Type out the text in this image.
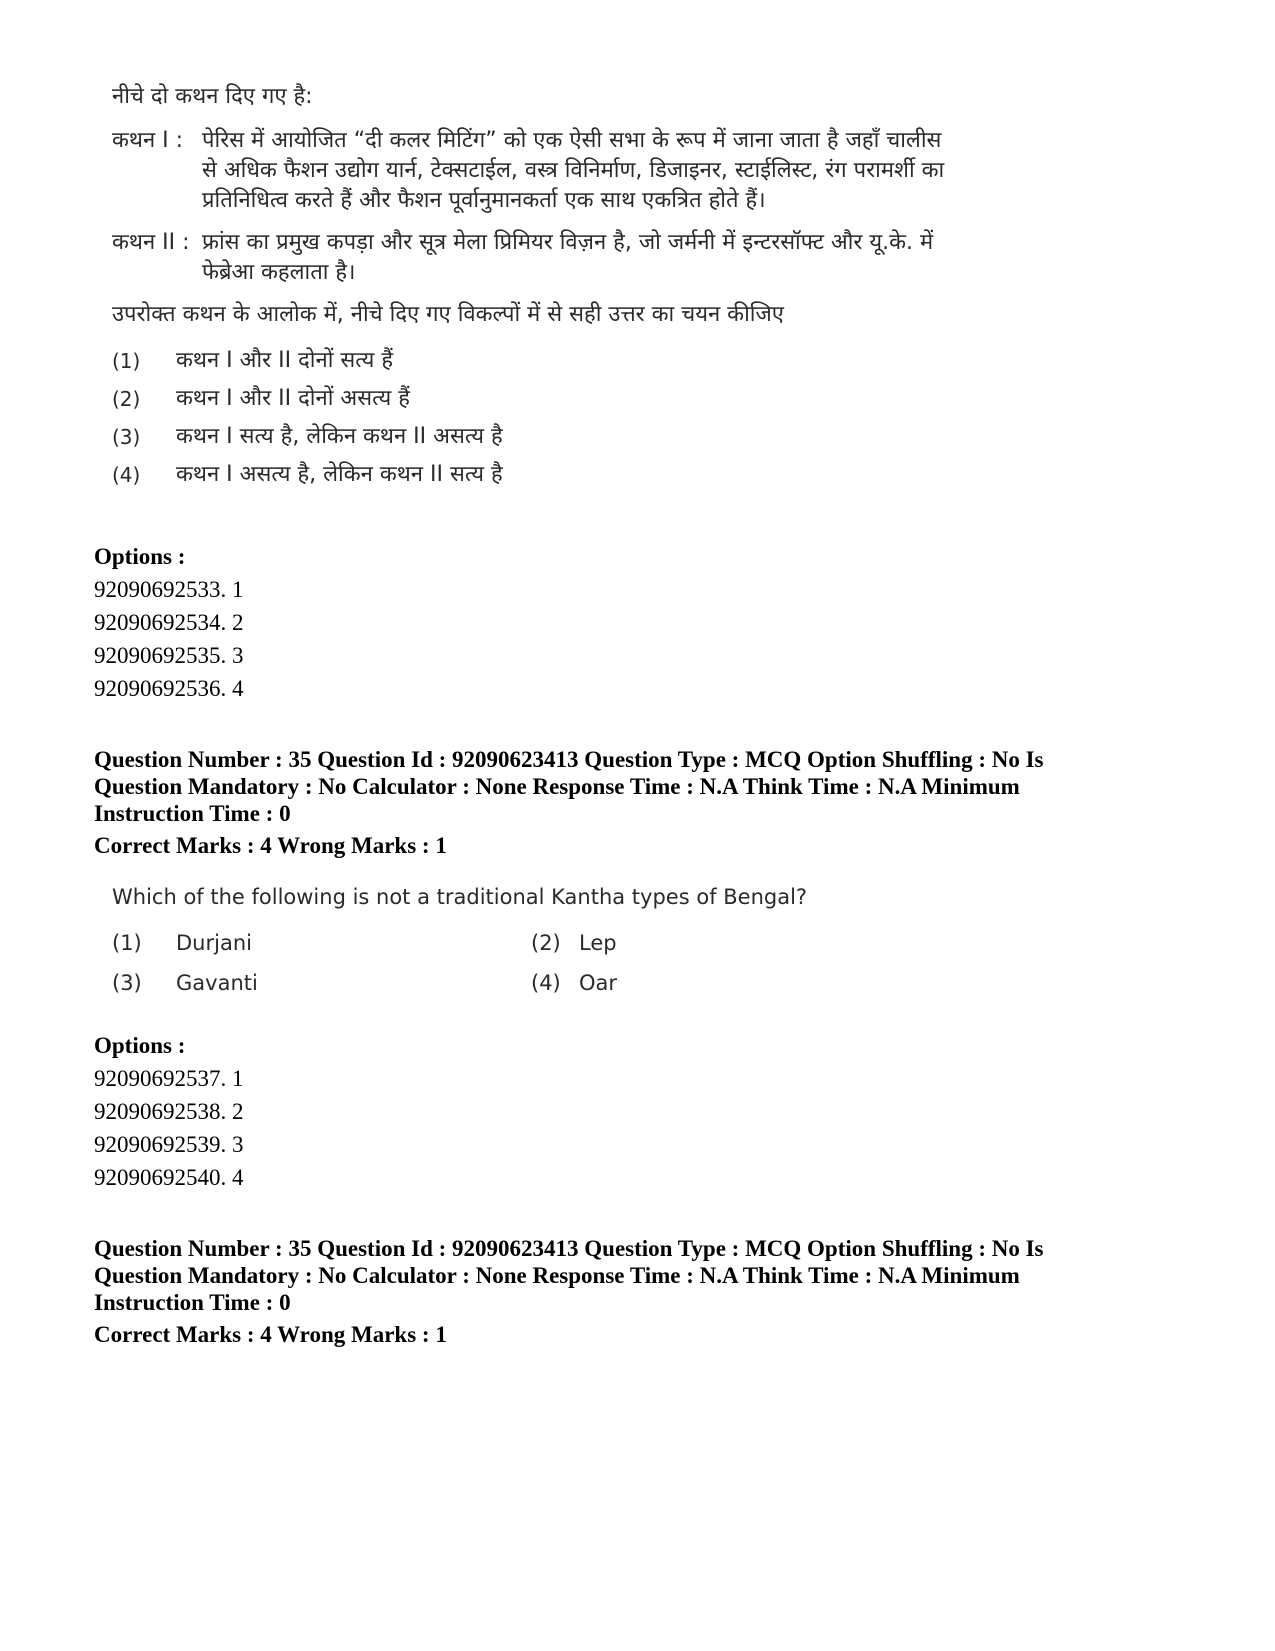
नीचे दो कथन दिए गए है:
कथन I : पेरिस में आयोजित “दी कलर मिटिंग” को एक ऐसी सभा के रूप में जाना जाता है जहाँ चालीस से अधिक फैशन उद्योग यार्न, टेक्सटाईल, वस्त्र विनिर्माण, डिजाइनर, स्टाईलिस्ट, रंग परामर्शी का प्रतिनिधित्व करते हैं और फैशन पूर्वानुमानकर्ता एक साथ एकत्रित होते हैं।
कथन II : फ्रांस का प्रमुख कपड़ा और सूत्र मेला प्रिमियर विज़न है, जो जर्मनी में इन्टरसॉफ्ट और यू.के. में फेब्रेआ कहलाता है।
उपरोक्त कथन के आलोक में, नीचे दिए गए विकल्पों में से सही उत्तर का चयन कीजिए
(1)	कथन I और II दोनों सत्य हैं
(2)	कथन I और II दोनों असत्य हैं
(3)	कथन I सत्य है, लेकिन कथन II असत्य है
(4)	कथन I असत्य है, लेकिन कथन II सत्य है
Options :
92090692533. 1
92090692534. 2
92090692535. 3
92090692536. 4
Question Number : 35 Question Id : 92090623413 Question Type : MCQ Option Shuffling : No Is Question Mandatory : No Calculator : None Response Time : N.A Think Time : N.A Minimum Instruction Time : 0
Correct Marks : 4 Wrong Marks : 1
Which of the following is not a traditional Kantha types of Bengal?
(1)	Durjani	(2) Lep
(3)	Gavanti	(4) Oar
Options :
92090692537. 1
92090692538. 2
92090692539. 3
92090692540. 4
Question Number : 35 Question Id : 92090623413 Question Type : MCQ Option Shuffling : No Is Question Mandatory : No Calculator : None Response Time : N.A Think Time : N.A Minimum Instruction Time : 0
Correct Marks : 4 Wrong Marks : 1
